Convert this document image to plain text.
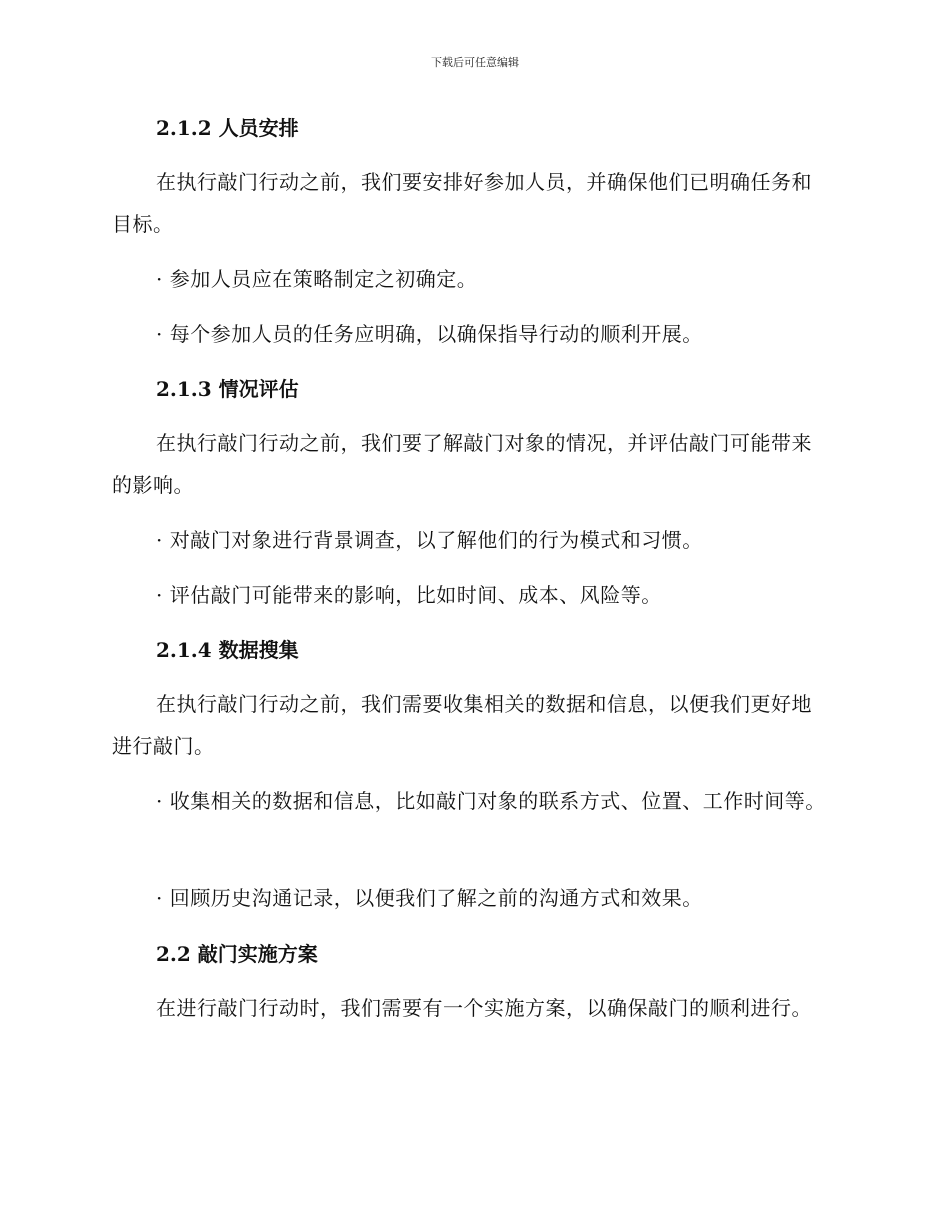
下载后可任意编辑
2.1.2 人员安排
在执行敲门行动之前，我们要安排好参加人员，并确保他们已明确任务和目标。
· 参加人员应在策略制定之初确定。
· 每个参加人员的任务应明确，以确保指导行动的顺利开展。
2.1.3 情况评估
在执行敲门行动之前，我们要了解敲门对象的情况，并评估敲门可能带来的影响。
· 对敲门对象进行背景调查，以了解他们的行为模式和习惯。
· 评估敲门可能带来的影响，比如时间、成本、风险等。
2.1.4 数据搜集
在执行敲门行动之前，我们需要收集相关的数据和信息，以便我们更好地进行敲门。
· 收集相关的数据和信息，比如敲门对象的联系方式、位置、工作时间等。
· 回顾历史沟通记录，以便我们了解之前的沟通方式和效果。
2.2 敲门实施方案
在进行敲门行动时，我们需要有一个实施方案，以确保敲门的顺利进行。
